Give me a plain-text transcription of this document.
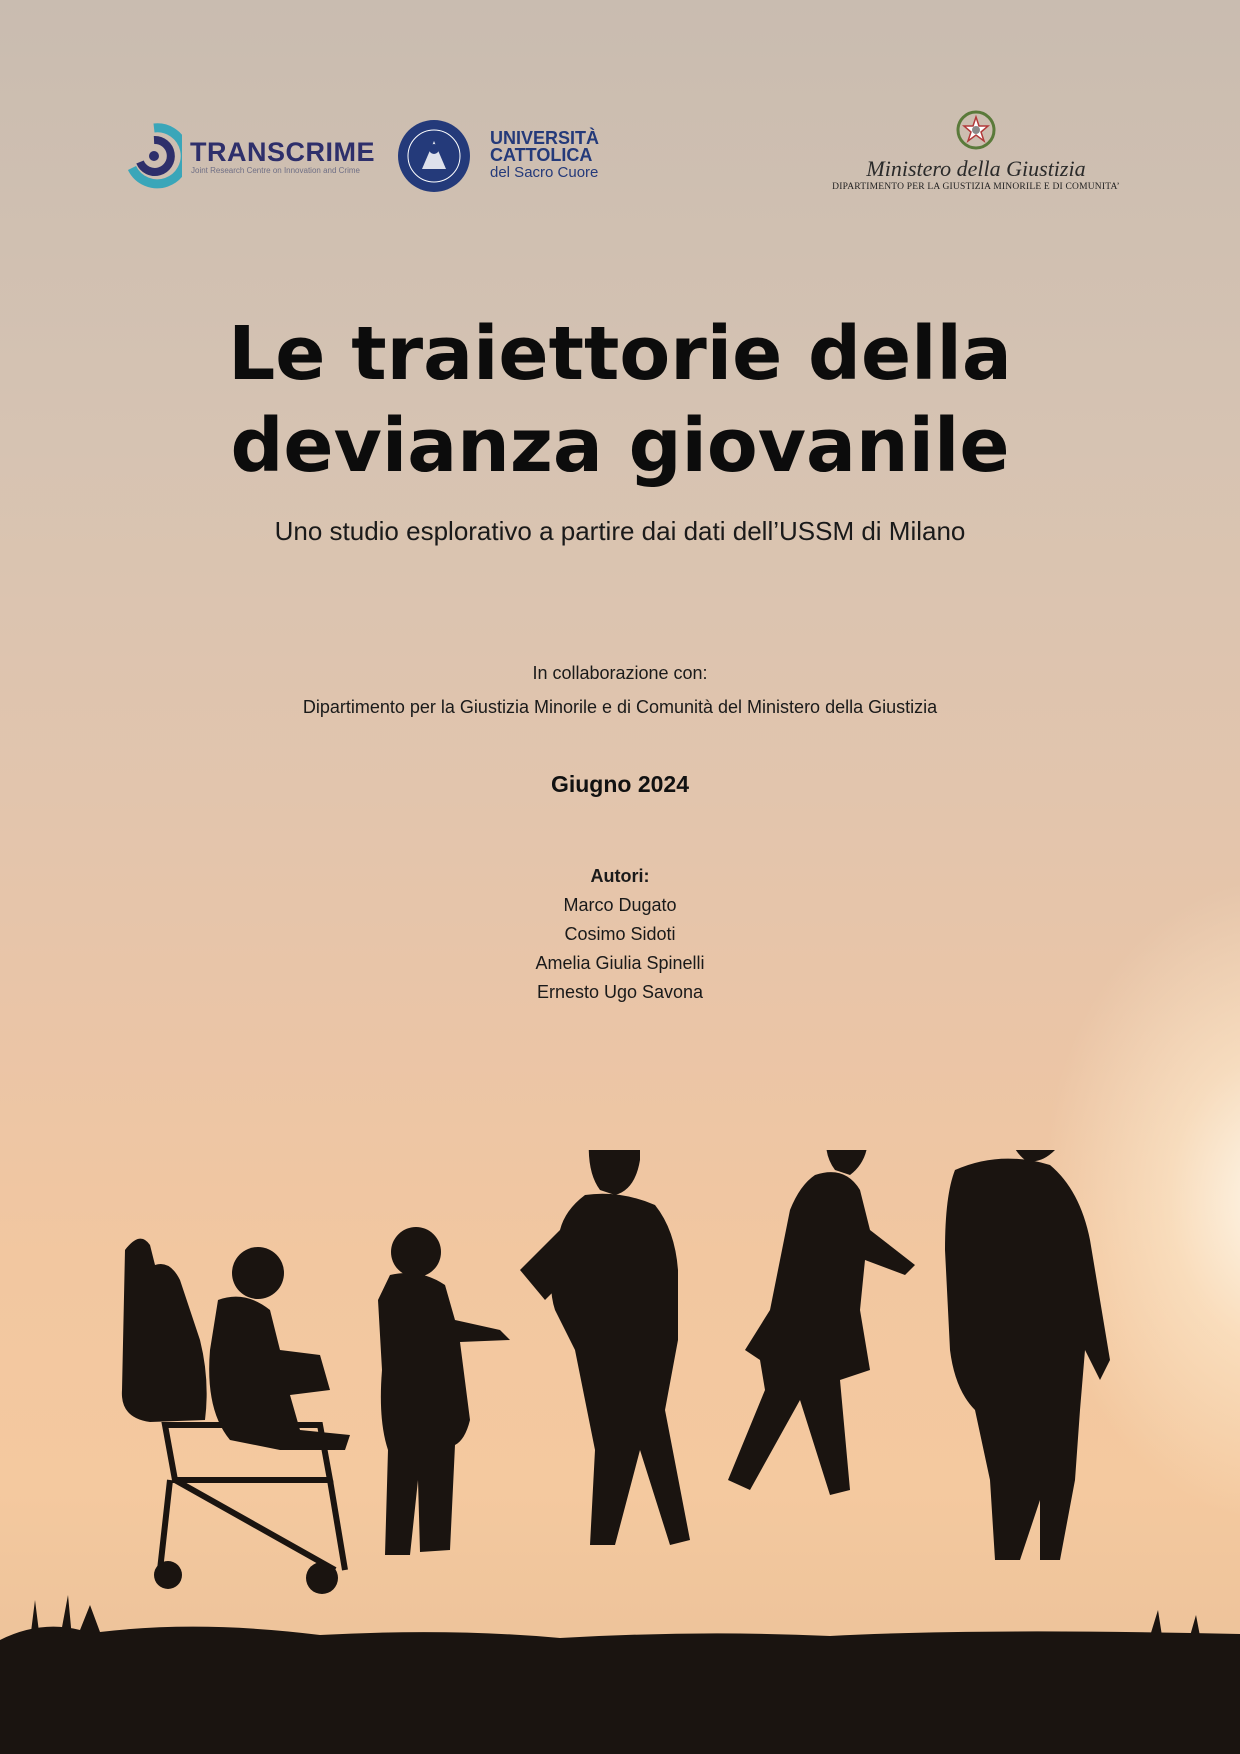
TRANSCRIME
Joint Research Centre on Innovation and Crime
UNIVERSITÀ
CATTOLICA
del Sacro Cuore	Ministero della Giustizia
DIPARTIMENTO PER LA GIUSTIZIA MINORILE E DI COMUNITA’
Le traiettorie della
devianza giovanile
Uno studio esplorativo a partire dai dati dell’USSM di Milano
In collaborazione con:
Dipartimento per la Giustizia Minorile e di Comunità del Ministero della Giustizia
Giugno 2024
Autori:
Marco Dugato
Cosimo Sidoti
Amelia Giulia Spinelli
Ernesto Ugo Savona
